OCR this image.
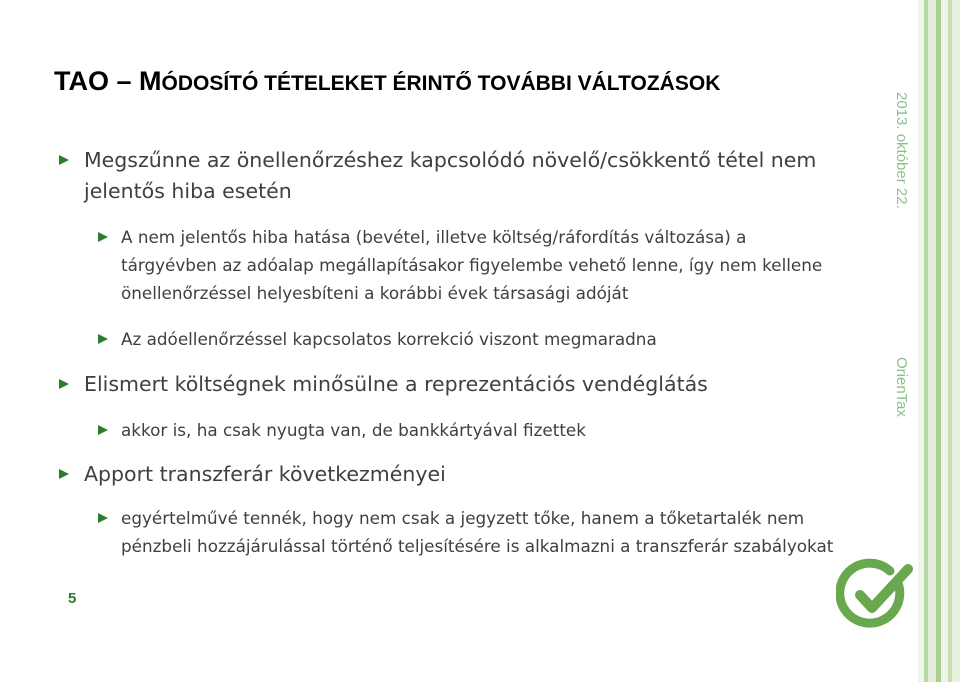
TAO – MÓDOSÍTÓ TÉTELEKET ÉRINTŐ TOVÁBBI VÁLTOZÁSOK
Megszűnne az önellenőrzéshez kapcsolódó növelő/csökkentő tétel nem jelentős hiba esetén
A nem jelentős hiba hatása (bevétel, illetve költség/ráfordítás változása) a tárgyévben az adóalap megállapításakor figyelembe vehető lenne, így nem kellene önellenőrzéssel helyesbíteni a korábbi évek társasági adóját
Az adóellenőrzéssel kapcsolatos korrekció viszont megmaradna
Elismert költségnek minősülne a reprezentációs vendéglátás
akkor is, ha csak nyugta van, de bankkártyával fizettek
Apport transzferár következményei
egyértelművé tennék, hogy nem csak a jegyzett tőke, hanem a tőketartalék nem pénzbeli hozzájárulással történő teljesítésére is alkalmazni a transzferár szabályokat
2013. október 22.
OrienTax
5
